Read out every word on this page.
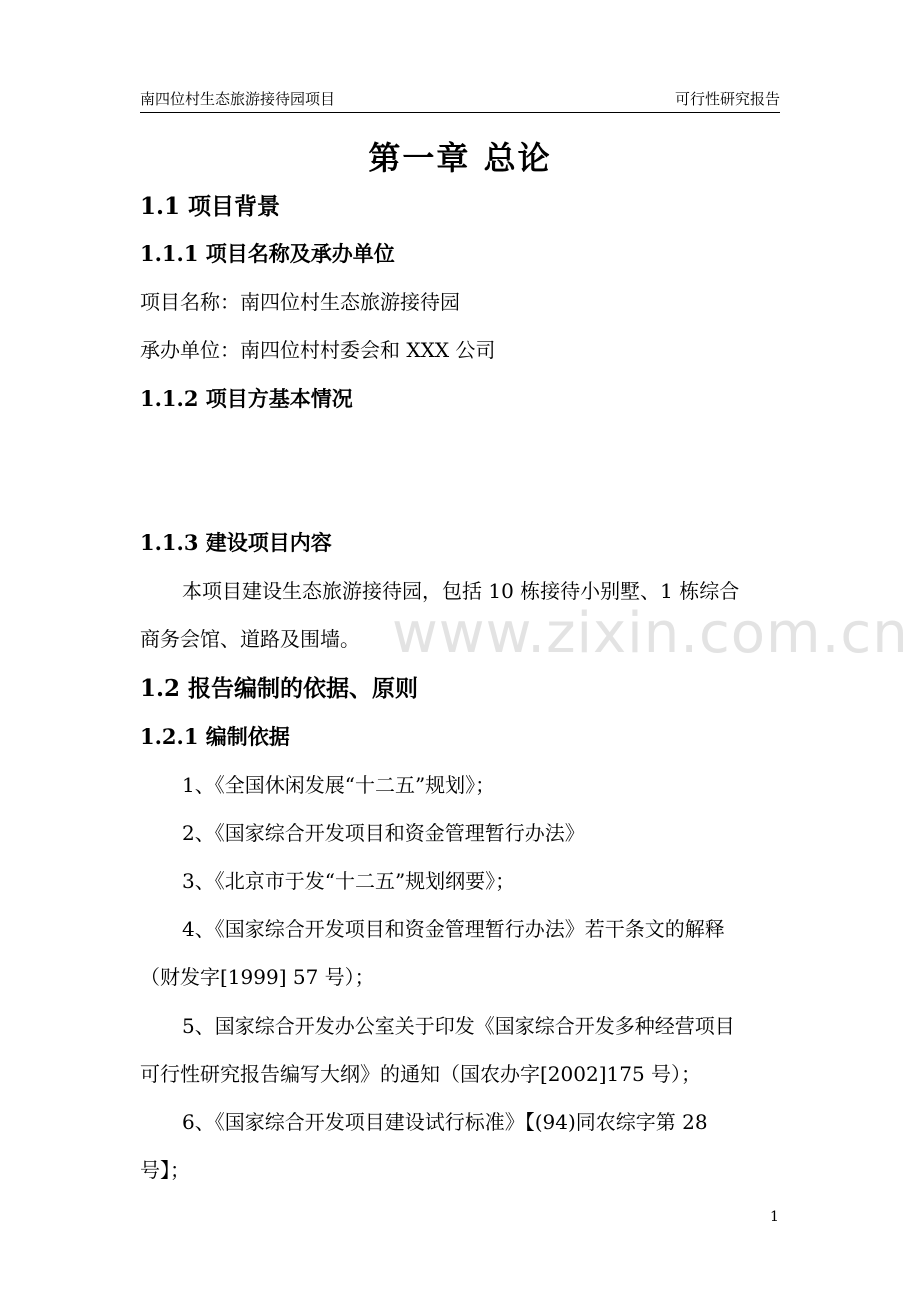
南四位村生态旅游接待园项目	可行性研究报告
第一章 总论
1.1 项目背景
1.1.1 项目名称及承办单位
项目名称：南四位村生态旅游接待园
承办单位：南四位村村委会和 XXX 公司
1.1.2 项目方基本情况
1.1.3 建设项目内容
本项目建设生态旅游接待园，包括 10 栋接待小别墅、1 栋综合
商务会馆、道路及围墙。
1.2 报告编制的依据、原则
1.2.1 编制依据
1、《全国休闲发展“十二五”规划》；
2、《国家综合开发项目和资金管理暂行办法》
3、《北京市于发“十二五”规划纲要》；
4、《国家综合开发项目和资金管理暂行办法》若干条文的解释
（财发字[1999] 57 号）；
5、国家综合开发办公室关于印发《国家综合开发多种经营项目
可行性研究报告编写大纲》的通知（国农办字[2002]175 号）；
6、《国家综合开发项目建设试行标准》【(94)同农综字第 28
号】；
www.zixin.com.cn
1
